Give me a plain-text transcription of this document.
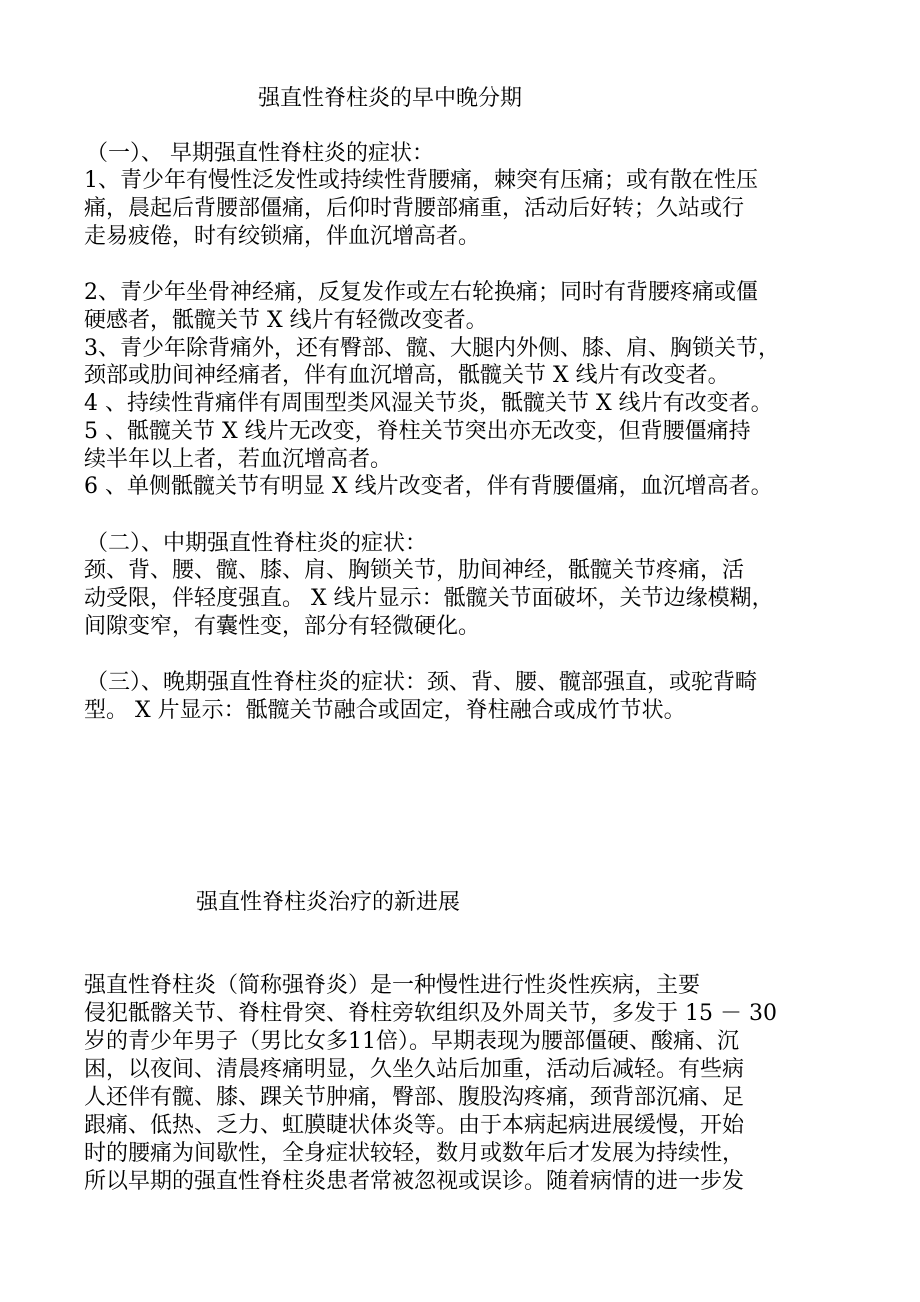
强直性脊柱炎的早中晚分期
（一）、 早期强直性脊柱炎的症状：
1、青少年有慢性泛发性或持续性背腰痛，棘突有压痛；或有散在性压
痛，晨起后背腰部僵痛，后仰时背腰部痛重，活动后好转；久站或行
走易疲倦，时有绞锁痛，伴血沉增高者。
2、青少年坐骨神经痛，反复发作或左右轮换痛；同时有背腰疼痛或僵
硬感者，骶髋关节 X 线片有轻微改变者。
3、青少年除背痛外，还有臀部、髋、大腿内外侧、膝、肩、胸锁关节，
颈部或肋间神经痛者，伴有血沉增高，骶髋关节 X 线片有改变者。
4 、持续性背痛伴有周围型类风湿关节炎，骶髋关节 X 线片有改变者。
5 、骶髋关节 X 线片无改变，脊柱关节突出亦无改变，但背腰僵痛持
续半年以上者，若血沉增高者。
6 、单侧骶髋关节有明显 X 线片改变者，伴有背腰僵痛，血沉增高者。
（二）、中期强直性脊柱炎的症状：
颈、背、腰、髋、膝、肩、胸锁关节，肋间神经，骶髋关节疼痛，活
动受限，伴轻度强直。 X 线片显示：骶髋关节面破坏，关节边缘模糊，
间隙变窄，有囊性变，部分有轻微硬化。
（三）、晚期强直性脊柱炎的症状：颈、背、腰、髋部强直，或驼背畸
型。 X 片显示：骶髋关节融合或固定，脊柱融合或成竹节状。
强直性脊柱炎治疗的新进展
强直性脊柱炎（简称强脊炎）是一种慢性进行性炎性疾病，主要
侵犯骶髂关节、脊柱骨突、脊柱旁软组织及外周关节，多发于 15 － 30
岁的青少年男子（男比女多11倍）。早期表现为腰部僵硬、酸痛、沉
困，以夜间、清晨疼痛明显，久坐久站后加重，活动后减轻。有些病
人还伴有髋、膝、踝关节肿痛，臀部、腹股沟疼痛，颈背部沉痛、足
跟痛、低热、乏力、虹膜睫状体炎等。由于本病起病进展缓慢，开始
时的腰痛为间歇性，全身症状较轻，数月或数年后才发展为持续性，
所以早期的强直性脊柱炎患者常被忽视或误诊。随着病情的进一步发
